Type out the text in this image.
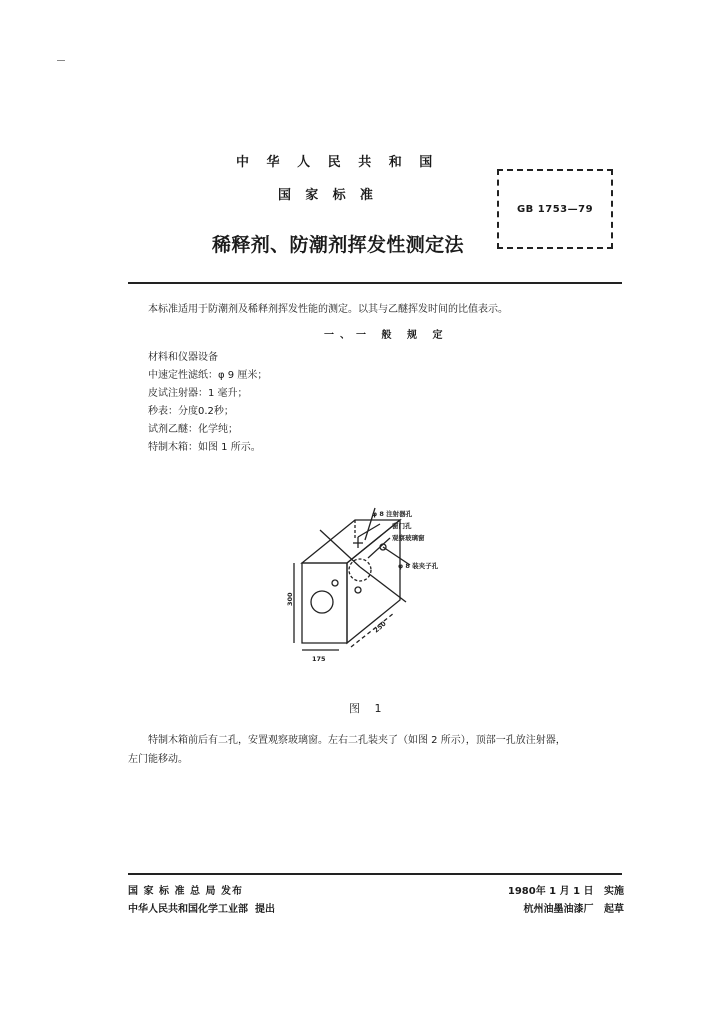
中华人民共和国
国家标准
稀释剂、防潮剂挥发性测定法
GB 1753—79
本标准适用于防潮剂及稀释剂挥发性能的测定。以其与乙醚挥发时间的比值表示。
一、一 般 规 定
材料和仪器设备
中速定性滤纸：φ 9 厘米；
皮试注射器：1 毫升；
秒表：分度0.2秒；
试剂乙醚：化学纯；
特制木箱：如图 1 所示。
φ 8 注射器孔
窗门孔
观察玻璃窗
φ 8 装夹子孔
300
250
175
图 1
特制木箱前后有二孔，安置观察玻璃窗。左右二孔装夹了（如图 2 所示），顶部一孔放注射器，
左门能移动。
国家标准总局发布
中华人民共和国化学工业部 提出
1980年 1 月 1 日 实施
杭州油墨油漆厂 起草
